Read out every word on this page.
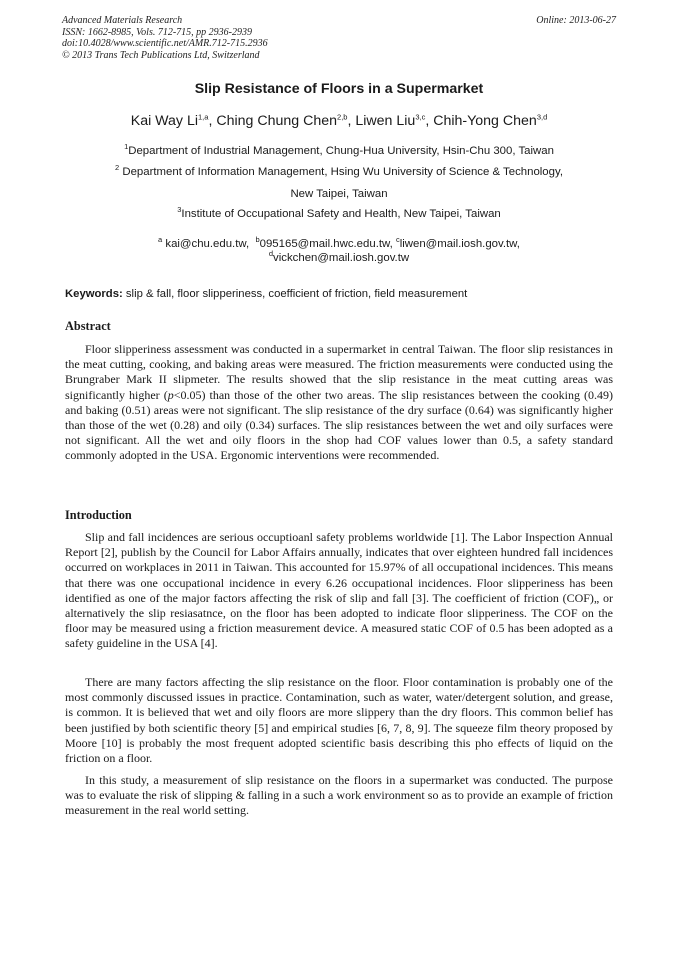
Advanced Materials Research
ISSN: 1662-8985, Vols. 712-715, pp 2936-2939
doi:10.4028/www.scientific.net/AMR.712-715.2936
© 2013 Trans Tech Publications Ltd, Switzerland
Online: 2013-06-27
Slip Resistance of Floors in a Supermarket
Kai Way Li$^{1,a}$, Ching Chung Chen$^{2,b}$, Liwen Liu$^{3,c}$, Chih-Yong Chen$^{3,d}$
$^1$Department of Industrial Management, Chung-Hua University, Hsin-Chu 300, Taiwan
$^2$ Department of Information Management, Hsing Wu University of Science & Technology,
New Taipei, Taiwan
$^3$Institute of Occupational Safety and Health, New Taipei, Taiwan
$^a$ kai@chu.edu.tw, $^b$095165@mail.hwc.edu.tw, $^c$liwen@mail.iosh.gov.tw,
$^d$vickchen@mail.iosh.gov.tw
Keywords: slip & fall, floor slipperiness, coefficient of friction, field measurement
Abstract
Floor slipperiness assessment was conducted in a supermarket in central Taiwan. The floor slip resistances in the meat cutting, cooking, and baking areas were measured. The friction measurements were conducted using the Brungraber Mark II slipmeter. The results showed that the slip resistance in the meat cutting areas was significantly higher (p<0.05) than those of the other two areas. The slip resistances between the cooking (0.49) and baking (0.51) areas were not significant. The slip resistance of the dry surface (0.64) was significantly higher than those of the wet (0.28) and oily (0.34) surfaces. The slip resistances between the wet and oily surfaces were not significant. All the wet and oily floors in the shop had COF values lower than 0.5, a safety standard commonly adopted in the USA. Ergonomic interventions were recommended.
Introduction
Slip and fall incidences are serious occuptioanl safety problems worldwide [1]. The Labor Inspection Annual Report [2], publish by the Council for Labor Affairs annually, indicates that over eighteen hundred fall incidences occurred on workplaces in 2011 in Taiwan. This accounted for 15.97% of all occupational incidences. This means that there was one occupational incidence in every 6.26 occupational incidences. Floor slipperiness has been identified as one of the major factors affecting the risk of slip and fall [3]. The coefficient of friction (COF)„ or alternatively the slip resiasatnce, on the floor has been adopted to indicate floor slipperiness. The COF on the floor may be measured using a friction measurement device. A measured static COF of 0.5 has been adopted as a safety guideline in the USA [4].
There are many factors affecting the slip resistance on the floor. Floor contamination is probably one of the most commonly discussed issues in practice. Contamination, such as water, water/detergent solution, and grease, is common. It is believed that wet and oily floors are more slippery than the dry floors. This common belief has been justified by both scientific theory [5] and empirical studies [6, 7, 8, 9]. The squeeze film theory proposed by Moore [10] is probably the most frequent adopted scientific basis describing this pho effects of liquid on the friction on a floor.
In this study, a measurement of slip resistance on the floors in a supermarket was conducted. The purpose was to evaluate the risk of slipping & falling in a such a work environment so as to provide an example of friction measurement in the real world setting.
